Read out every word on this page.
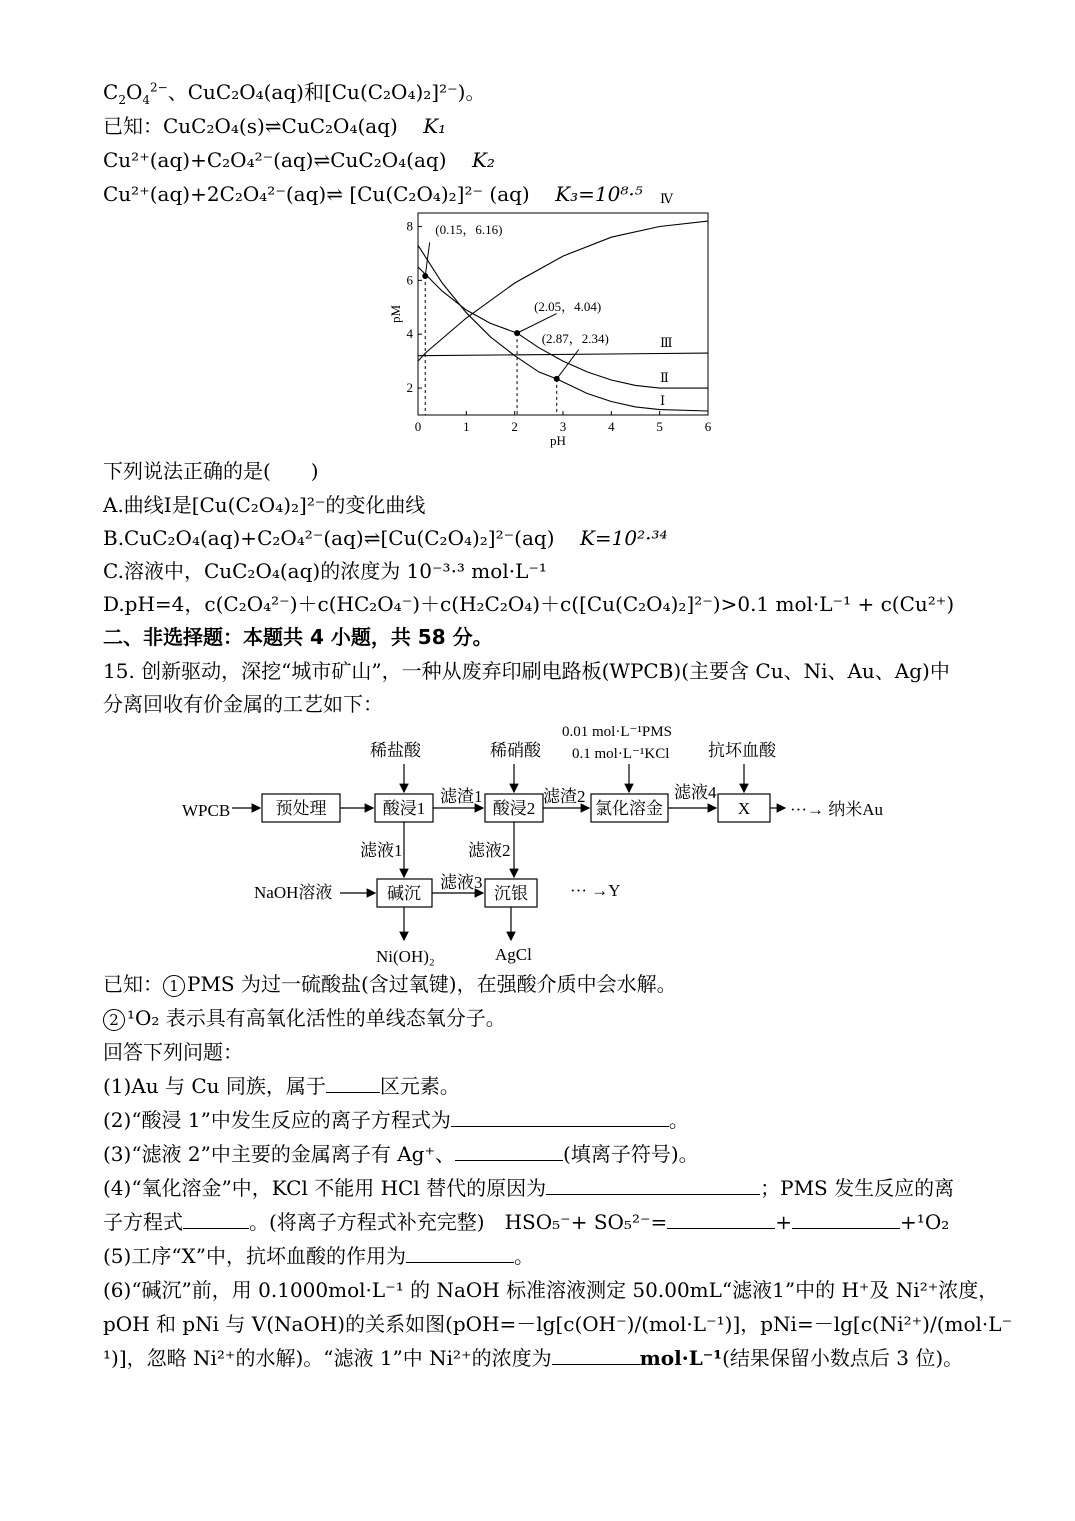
$C_2O_4^{2-}$、CuC₂O₄(aq)和[Cu(C₂O₄)₂]²⁻)。
已知：CuC₂O₄(s)⇌CuC₂O₄(aq) K₁
Cu²⁺(aq)+C₂O₄²⁻(aq)⇌CuC₂O₄(aq) K₂
Cu²⁺(aq)+2C₂O₄²⁻(aq)⇌ [Cu(C₂O₄)₂]²⁻ (aq) K₃=10⁸·⁵
0	1	2	3	4	5	6
2
4
6
8
pH
pM
Ⅰ
Ⅱ
Ⅲ
Ⅳ
(0.15，6.16)
(2.05，4.04)
(2.87，2.34)
下列说法正确的是(　　)
A.曲线Ⅰ是[Cu(C₂O₄)₂]²⁻的变化曲线
B.CuC₂O₄(aq)+C₂O₄²⁻(aq)⇌[Cu(C₂O₄)₂]²⁻(aq) K=10²·³⁴
C.溶液中，CuC₂O₄(aq)的浓度为 10⁻³·³ mol·L⁻¹
D.pH=4，c(C₂O₄²⁻)＋c(HC₂O₄⁻)＋c(H₂C₂O₄)＋c([Cu(C₂O₄)₂]²⁻)>0.1 mol·L⁻¹ + c(Cu²⁺)
二、非选择题：本题共 4 小题，共 58 分。
15. 创新驱动，深挖“城市矿山”，一种从废弃印刷电路板(WPCB)(主要含 Cu、Ni、Au、Ag)中
分离回收有价金属的工艺如下：
WPCB
稀盐酸	稀硝酸
0.01 mol·L⁻¹PMS
0.1 mol·L⁻¹KCl 抗坏血酸
滤渣1	滤渣2	滤液4
滤液1	滤液2
滤液3
NaOH溶液	··· →Y
···→ 纳米Au
Ni(OH)₂	AgCl
预处理	酸浸1	酸浸2	氯化溶金	X
碱沉	沉银
已知： 1 PMS 为过一硫酸盐(含过氧键)，在强酸介质中会水解。
2 ¹O₂ 表示具有高氧化活性的单线态氧分子。
回答下列问题：
(1)Au 与 Cu 同族，属于	区元素。
(2)“酸浸 1”中发生反应的离子方程式为	。
(3)“滤液 2”中主要的金属离子有 Ag⁺、	(填离子符号)。
(4)“氧化溶金”中，KCl 不能用 HCl 替代的原因为	；PMS 发生反应的离
子方程式	。(将离子方程式补充完整)　HSO₅⁻+ SO₅²⁻=	+	+¹O₂
(5)工序“X”中，抗坏血酸的作用为	。
(6)“碱沉”前，用 0.1000mol·L⁻¹ 的 NaOH 标准溶液测定 50.00mL“滤液1”中的 H⁺及 Ni²⁺浓度，
pOH 和 pNi 与 V(NaOH)的关系如图(pOH=－lg[c(OH⁻)/(mol·L⁻¹)]，pNi=－lg[c(Ni²⁺)/(mol·L⁻
¹)]，忽略 Ni²⁺的水解)。“滤液 1”中 Ni²⁺的浓度为	mol·L⁻¹(结果保留小数点后 3 位)。
